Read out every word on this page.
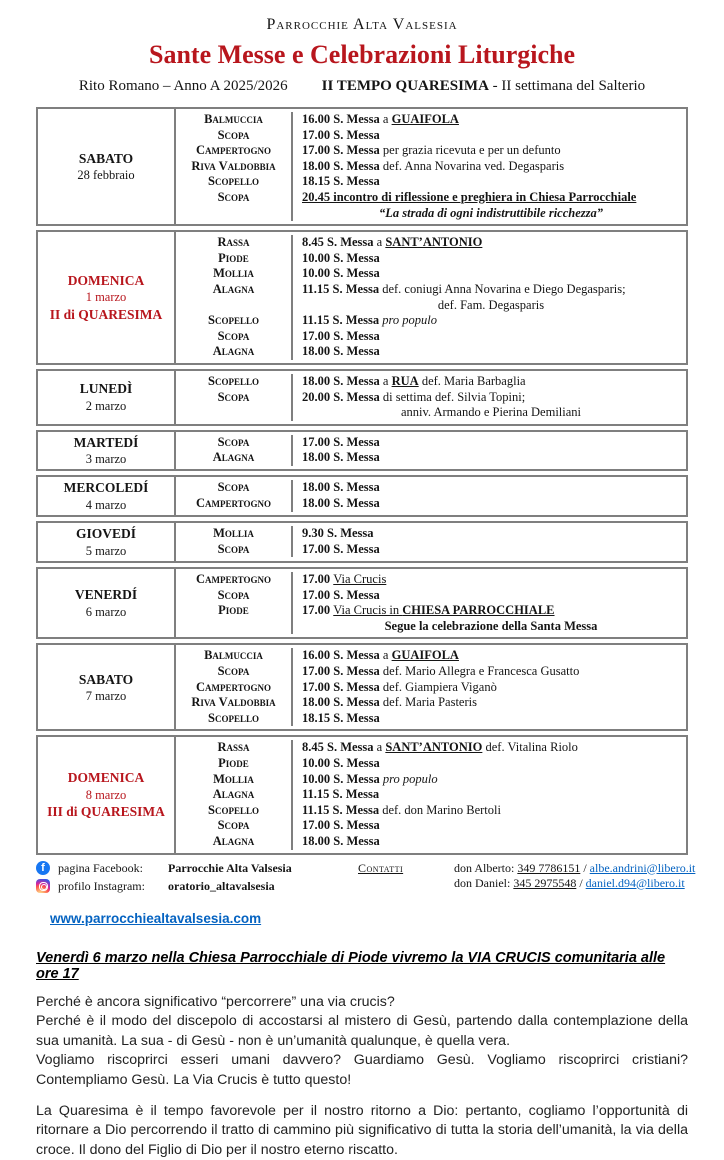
Parrocchie Alta Valsesia
Sante Messe e Celebrazioni Liturgiche
Rito Romano – Anno A 2025/2026 II TEMPO QUARESIMA - II settimana del Salterio
SABATO
28 febbraio
Balmuccia	16.00 S. Messa a GUAIFOLA
Scopa	17.00 S. Messa
Campertogno	17.00 S. Messa per grazia ricevuta e per un defunto
Riva Valdobbia	18.00 S. Messa def. Anna Novarina ved. Degasparis
Scopello	18.15 S. Messa
Scopa	20.45 incontro di riflessione e preghiera in Chiesa Parrocchiale
“La strada di ogni indistruttibile ricchezza”
DOMENICA
1 marzo
II di QUARESIMA
Rassa	8.45 S. Messa a SANT’ANTONIO
Piode	10.00 S. Messa
Mollia	10.00 S. Messa
Alagna	11.15 S. Messa def. coniugi Anna Novarina e Diego Degasparis;
def. Fam. Degasparis
Scopello	11.15 S. Messa pro populo
Scopa	17.00 S. Messa
Alagna	18.00 S. Messa
LUNEDÌ
2 marzo
Scopello	18.00 S. Messa a RUA def. Maria Barbaglia
Scopa	20.00 S. Messa di settima def. Silvia Topini;
anniv. Armando e Pierina Demiliani
MARTEDÍ
3 marzo
Scopa	17.00 S. Messa
Alagna	18.00 S. Messa
MERCOLEDÍ
4 marzo
Scopa	18.00 S. Messa
Campertogno	18.00 S. Messa
GIOVEDÍ
5 marzo
Mollia	9.30 S. Messa
Scopa	17.00 S. Messa
VENERDÍ
6 marzo
Campertogno	17.00 Via Crucis
Scopa	17.00 S. Messa
Piode	17.00 Via Crucis in CHIESA PARROCCHIALE
Segue la celebrazione della Santa Messa
SABATO
7 marzo
Balmuccia	16.00 S. Messa a GUAIFOLA
Scopa	17.00 S. Messa def. Mario Allegra e Francesca Gusatto
Campertogno	17.00 S. Messa def. Giampiera Viganò
Riva Valdobbia	18.00 S. Messa def. Maria Pasteris
Scopello	18.15 S. Messa
DOMENICA
8 marzo
III di QUARESIMA
Rassa	8.45 S. Messa a SANT’ANTONIO def. Vitalina Riolo
Piode	10.00 S. Messa
Mollia	10.00 S. Messa pro populo
Alagna	11.15 S. Messa
Scopello	11.15 S. Messa def. don Marino Bertoli
Scopa	17.00 S. Messa
Alagna	18.00 S. Messa
f
pagina Facebook:	Parrocchie Alta Valsesia
profilo Instagram:	oratorio_altavalsesia
Contatti	don Alberto: 349 7786151 / albe.andrini@libero.it
don Daniel: 345 2975548 / daniel.d94@libero.it
www.parrocchiealtavalsesia.com
Venerdì 6 marzo nella Chiesa Parrocchiale di Piode vivremo la VIA CRUCIS comunitaria alle ore 17
Perché è ancora significativo “percorrere” una via crucis?
Perché è il modo del discepolo di accostarsi al mistero di Gesù, partendo dalla contemplazione della sua umanità. La sua - di Gesù - non è un’umanità qualunque, è quella vera.
Vogliamo riscoprirci esseri umani davvero? Guardiamo Gesù. Vogliamo riscoprirci cristiani? Contempliamo Gesù. La Via Crucis è tutto questo!
La Quaresima è il tempo favorevole per il nostro ritorno a Dio: pertanto, cogliamo l’opportunità di ritornare a Dio percorrendo il tratto di cammino più significativo di tutta la storia dell’umanità, la via della croce. Il dono del Figlio di Dio per il nostro eterno riscatto.
